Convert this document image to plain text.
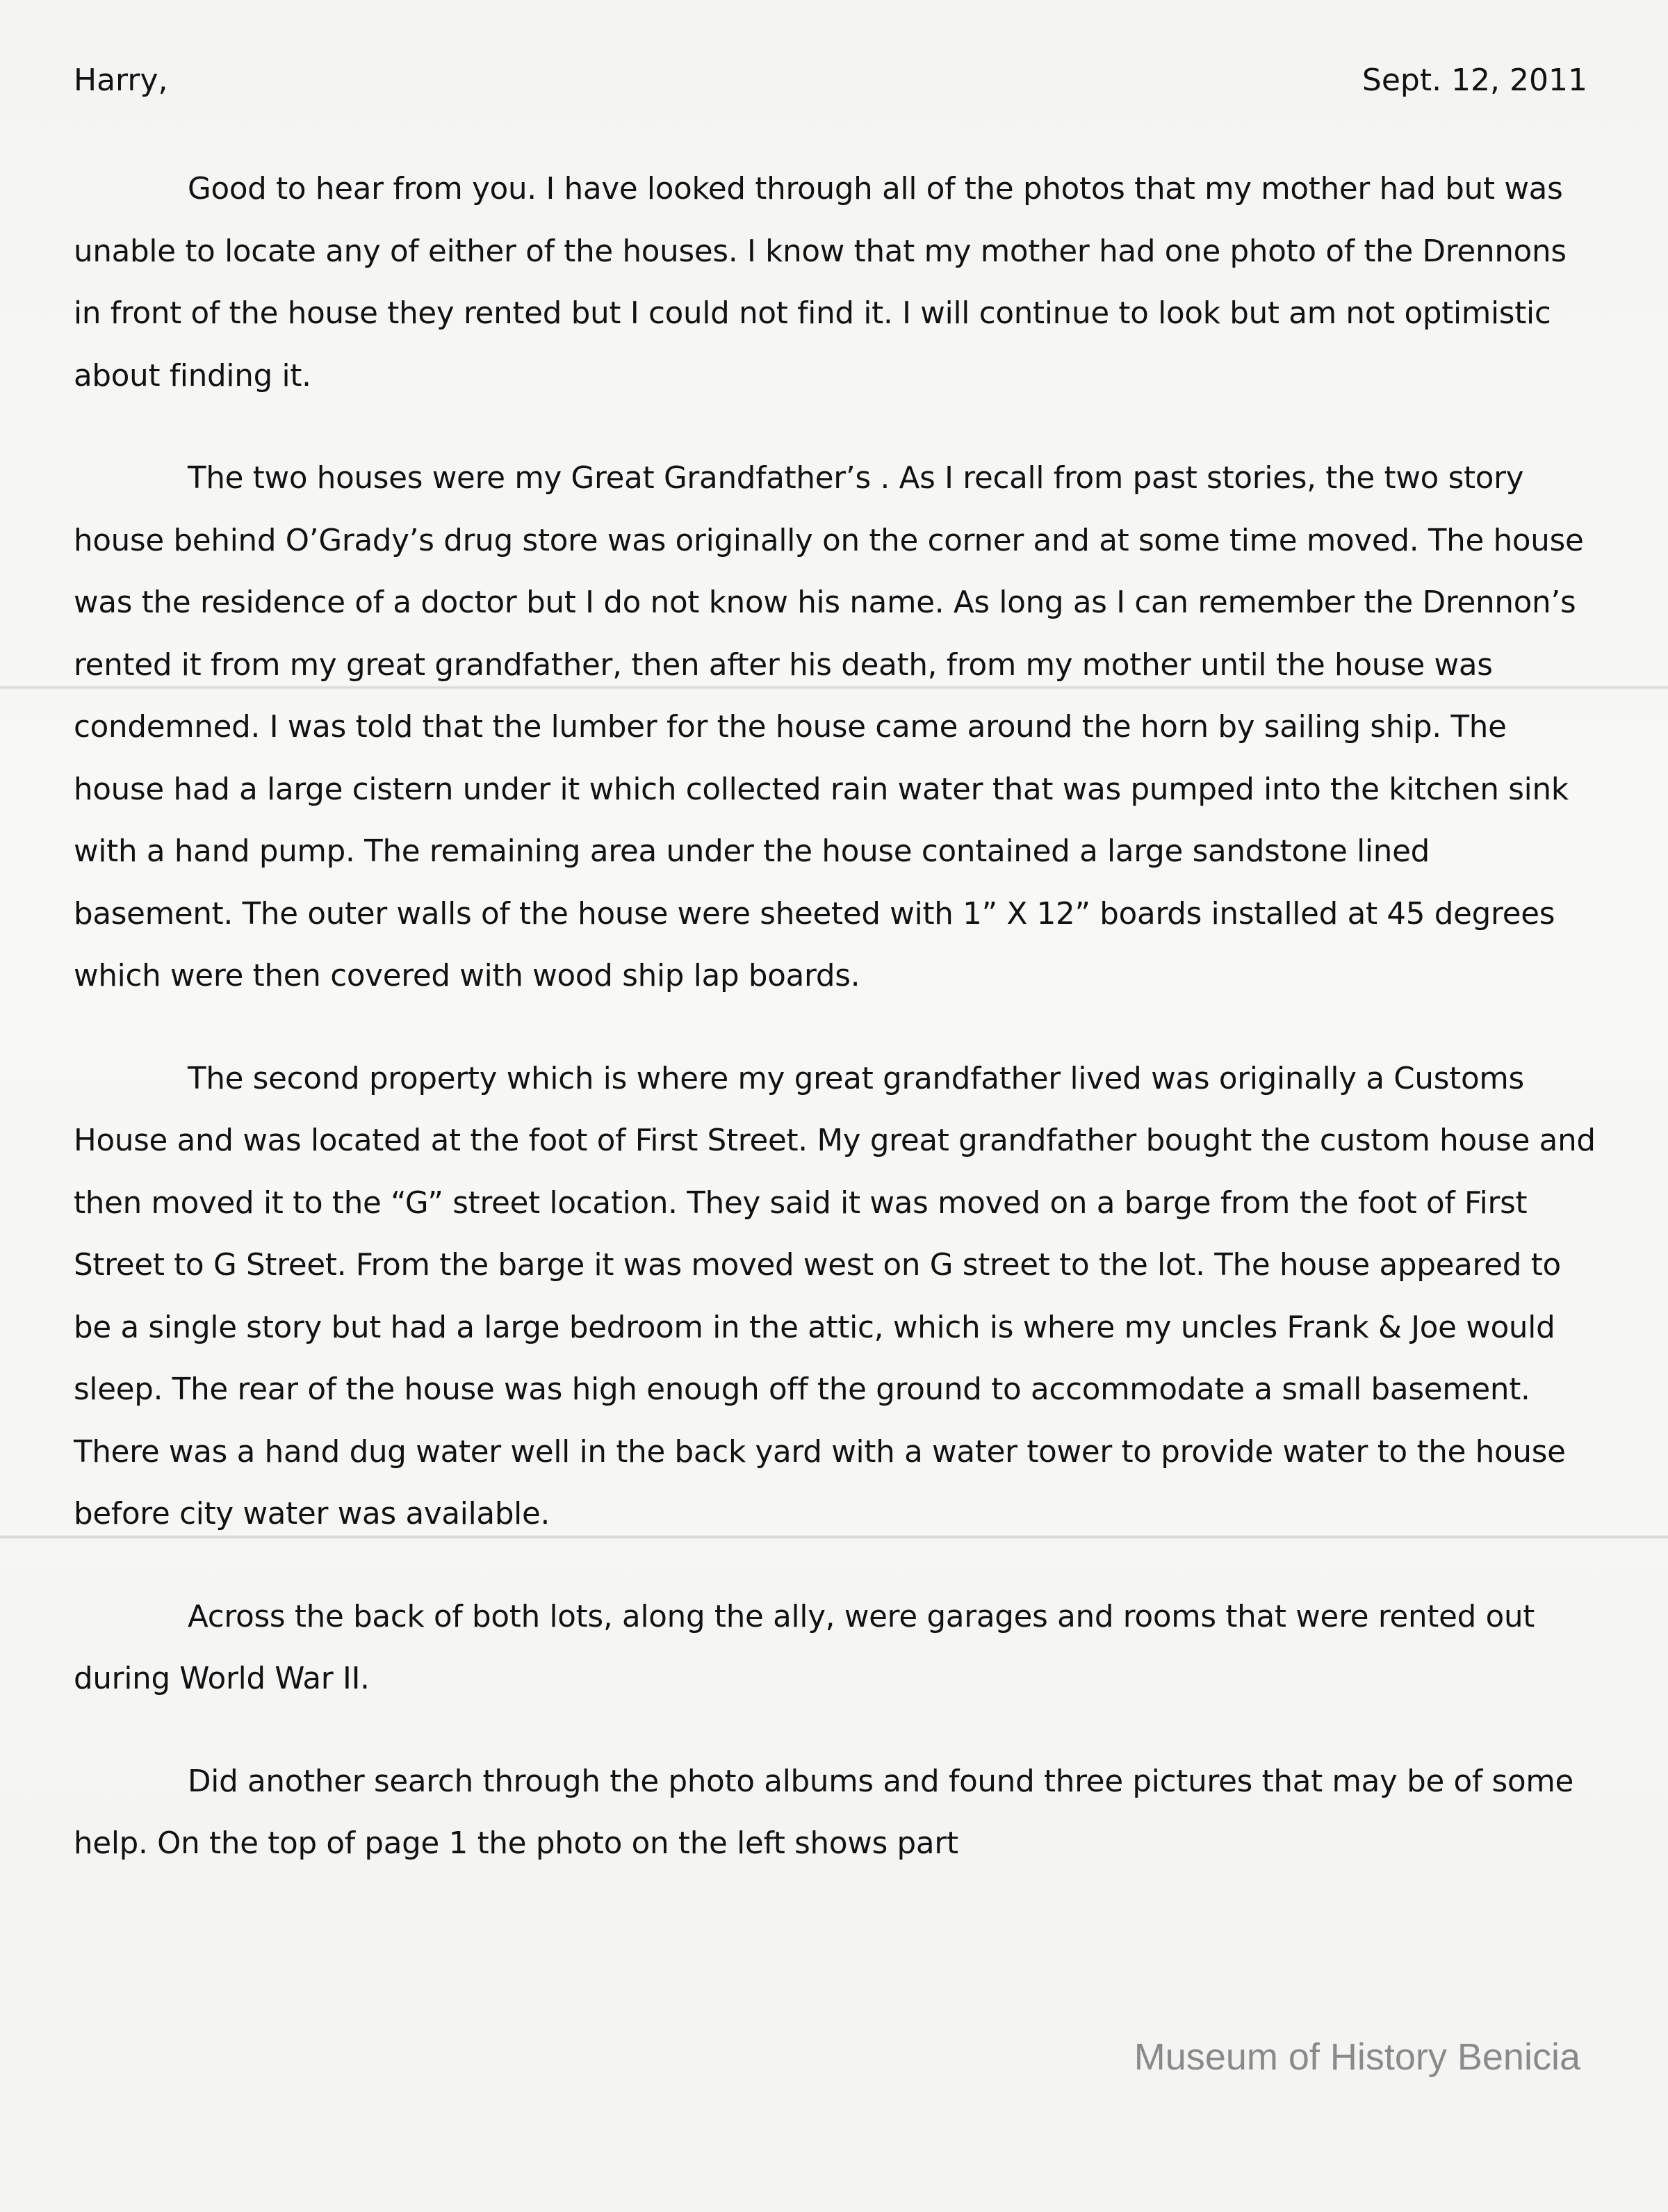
Harry,	Sept. 12, 2011

Good to hear from you. I have looked through all of the photos that my mother had but was unable to locate any of either of the houses. I know that my mother had one photo of the Drennons in front of the house they rented but I could not find it. I will continue to look but am not optimistic about finding it.

The two houses were my Great Grandfather’s . As I recall from past stories, the two story house behind O’Grady’s drug store was originally on the corner and at some time moved. The house was the residence of a doctor but I do not know his name. As long as I can remember the Drennon’s rented it from my great grandfather, then after his death, from my mother until the house was condemned. I was told that the lumber for the house came around the horn by sailing ship. The house had a large cistern under it which collected rain water that was pumped into the kitchen sink with a hand pump. The remaining area under the house contained a large sandstone lined basement. The outer walls of the house were sheeted with 1” X 12” boards installed at 45 degrees which were then covered with wood ship lap boards.

The second property which is where my great grandfather lived was originally a Customs House and was located at the foot of First Street. My great grandfather bought the custom house and then moved it to the “G” street location. They said it was moved on a barge from the foot of First Street to G Street. From the barge it was moved west on G street to the lot. The house appeared to be a single story but had a large bedroom in the attic, which is where my uncles Frank & Joe would sleep. The rear of the house was high enough off the ground to accommodate a small basement. There was a hand dug water well in the back yard with a water tower to provide water to the house before city water was available.

Across the back of both lots, along the ally, were garages and rooms that were rented out during World War II.

Did another search through the photo albums and found three pictures that may be of some help. On the top of page 1 the photo on the left shows part

Museum of History Benicia
